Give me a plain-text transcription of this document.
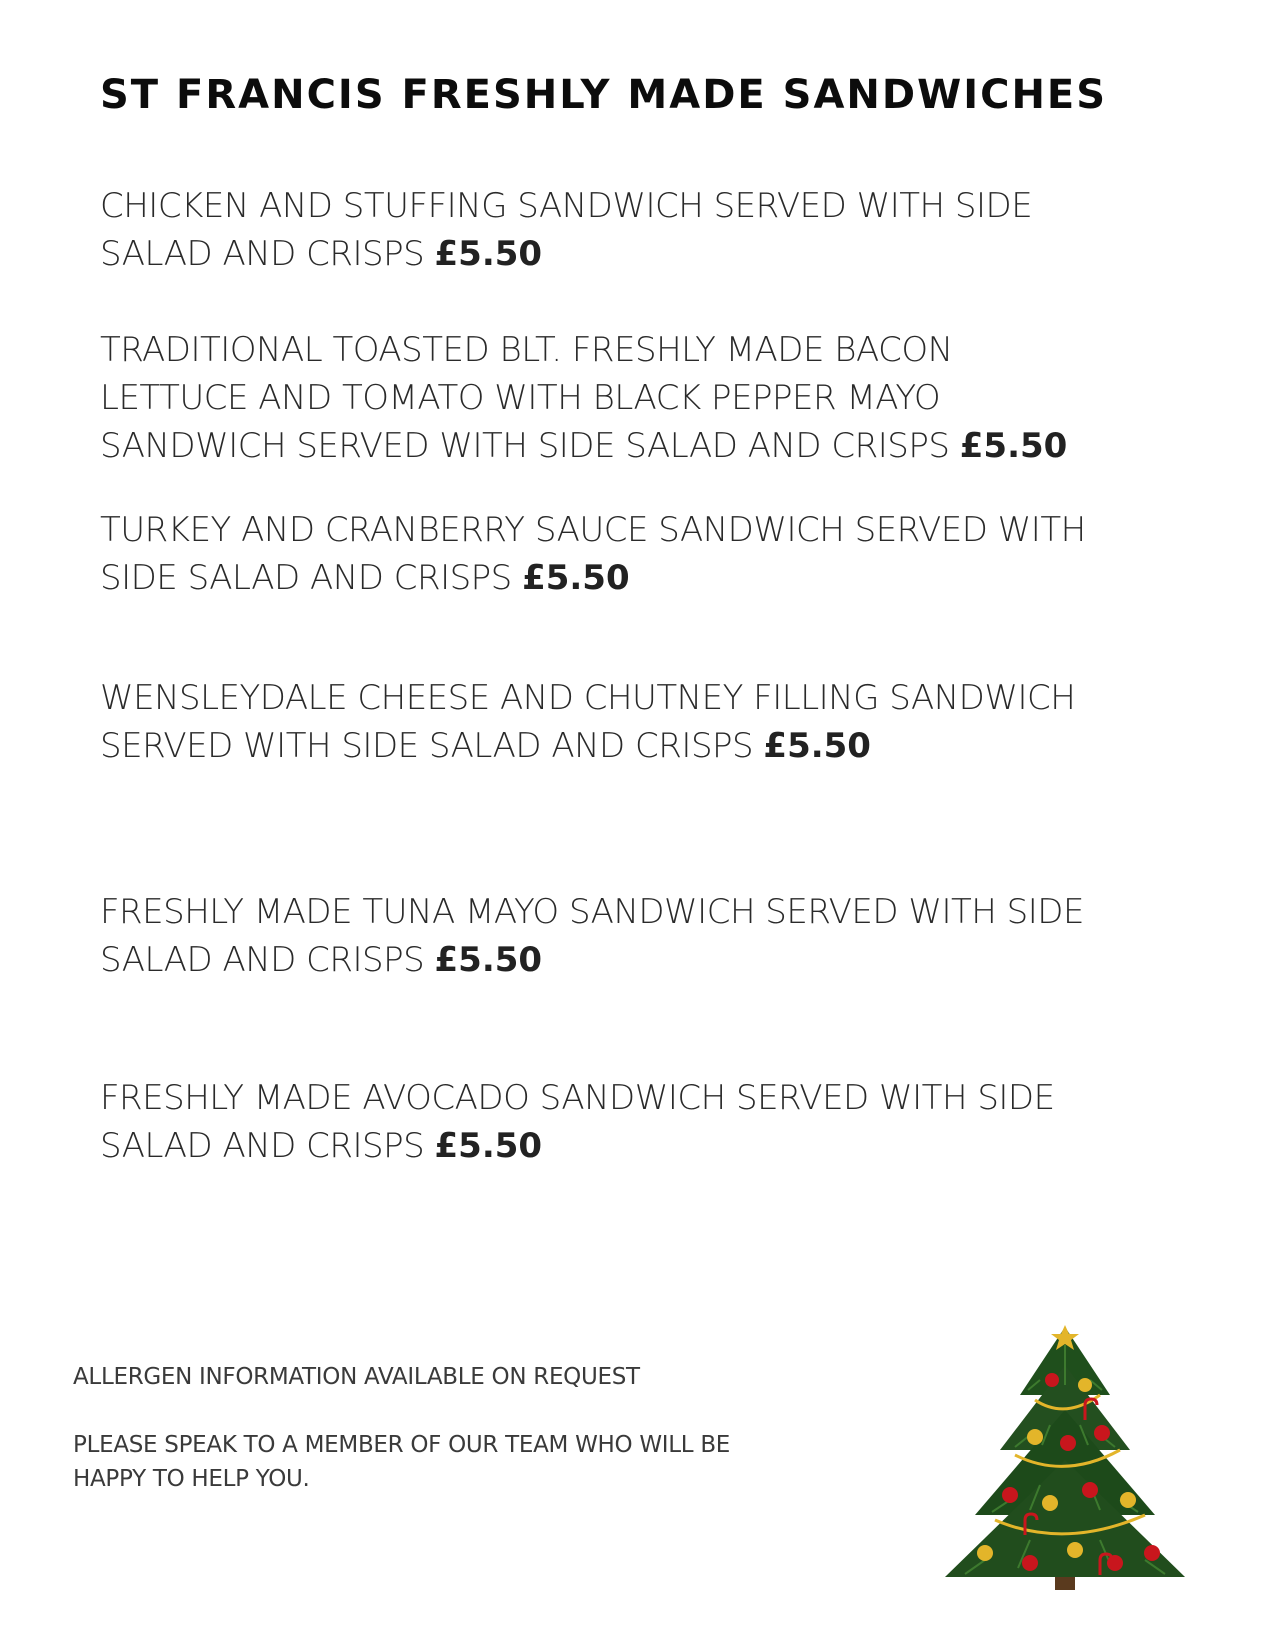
ST FRANCIS FRESHLY MADE SANDWICHES

CHICKEN AND STUFFING SANDWICH SERVED WITH SIDE
SALAD AND CRISPS £5.50

TRADITIONAL TOASTED BLT. FRESHLY MADE BACON
LETTUCE AND TOMATO WITH BLACK PEPPER MAYO
SANDWICH SERVED WITH SIDE SALAD AND CRISPS £5.50

TURKEY AND CRANBERRY SAUCE SANDWICH SERVED WITH
SIDE SALAD AND CRISPS £5.50

WENSLEYDALE CHEESE AND CHUTNEY FILLING SANDWICH
SERVED WITH SIDE SALAD AND CRISPS £5.50

FRESHLY MADE TUNA MAYO SANDWICH SERVED WITH SIDE
SALAD AND CRISPS £5.50

FRESHLY MADE AVOCADO SANDWICH SERVED WITH SIDE
SALAD AND CRISPS £5.50

ALLERGEN INFORMATION AVAILABLE ON REQUEST

PLEASE SPEAK TO A MEMBER OF OUR TEAM WHO WILL BE
HAPPY TO HELP YOU.
